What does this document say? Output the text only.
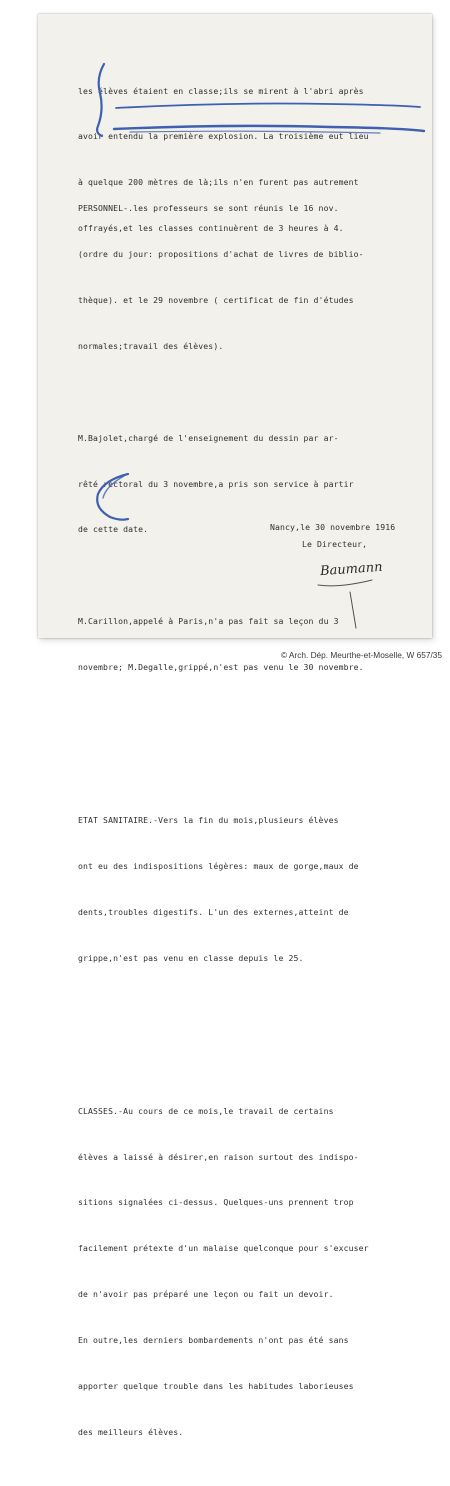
les élèves étaient en classe;ils se mirent à l'abri après

avoir entendu la première explosion. La troisième eut lieu

à quelque 200 mètres de là;ils n'en furent pas autrement

offrayés,et les classes continuèrent de 3 heures à 4.

PERSONNEL-.les professeurs se sont réunis le 16 nov.

(ordre du jour: propositions d'achat de livres de biblio-

thèque). et le 29 novembre ( certificat de fin d'études

normales;travail des élèves).

M.Bajolet,chargé de l'enseignement du dessin par ar-

rêté rectoral du 3 novembre,a pris son service à partir

de cette date.

M.Carillon,appelé à Paris,n'a pas fait sa leçon du 3

novembre; M.Degalle,grippé,n'est pas venu le 30 novembre.

ETAT SANITAIRE.-Vers la fin du mois,plusieurs élèves

ont eu des indispositions légères: maux de gorge,maux de

dents,troubles digestifs. L'un des externes,atteint de

grippe,n'est pas venu en classe depuis le 25.

CLASSES.-Au cours de ce mois,le travail de certains

élèves a laissé à désirer,en raison surtout des indispo-

sitions signalées ci-dessus. Quelques-uns prennent trop

facilement prétexte d'un malaise quelconque pour s'excuser

de n'avoir pas préparé une leçon ou fait un devoir.

En outre,les derniers bombardements n'ont pas été sans

apporter quelque trouble dans les habitudes laborieuses

des meilleurs élèves.

Nancy,le 30 novembre 1916
Le Directeur,
Baumann
© Arch. Dép. Meurthe-et-Moselle, W 657/35
